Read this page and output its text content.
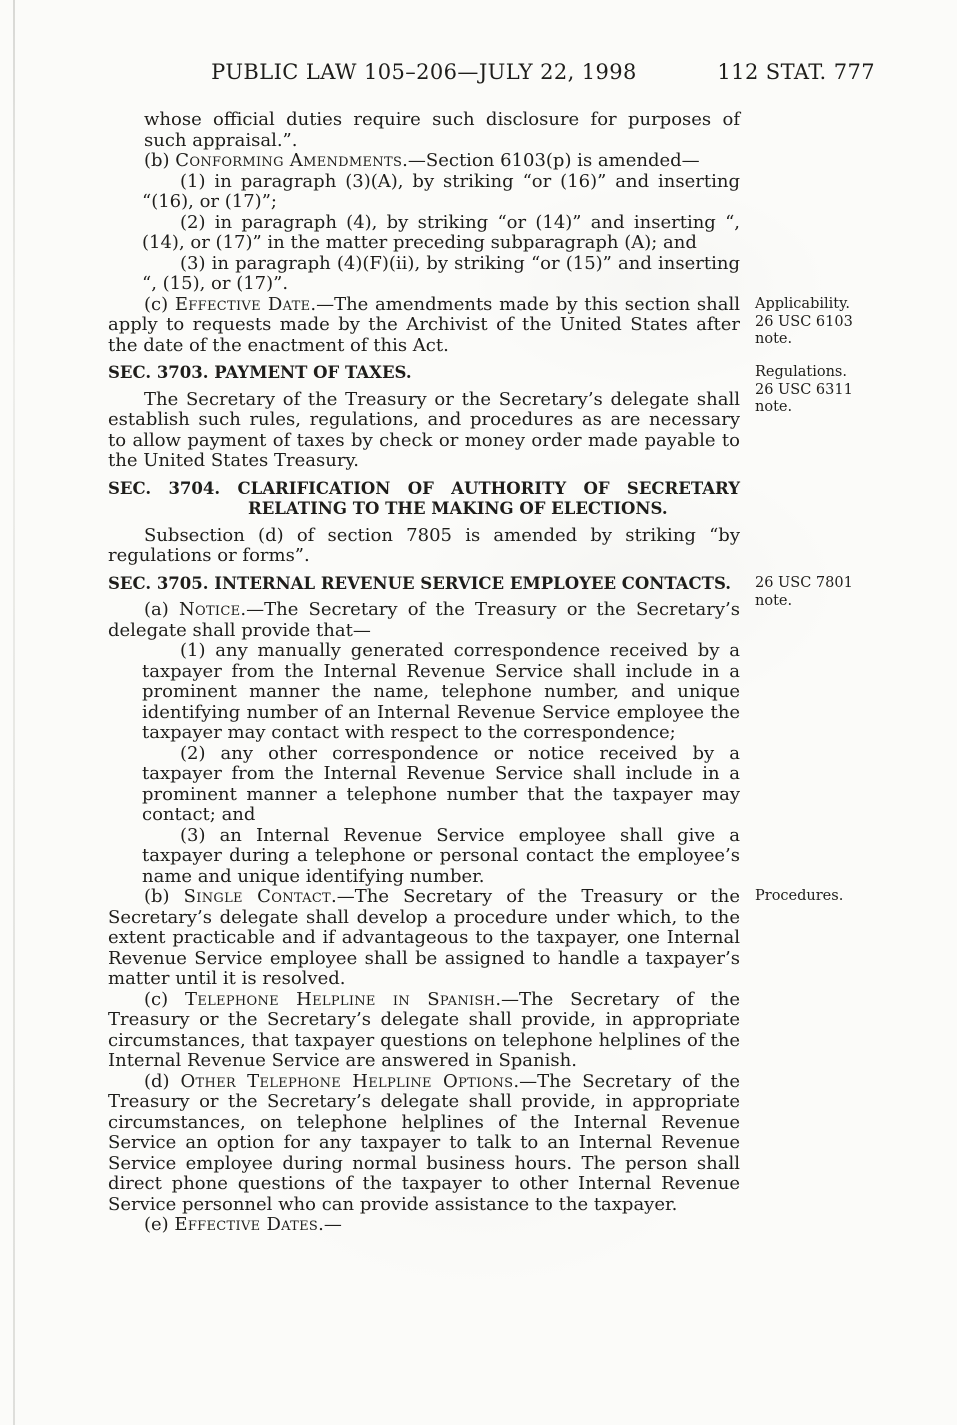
PUBLIC LAW 105–206—JULY 22, 1998	112 STAT. 777
whose official duties require such disclosure for purposes of such appraisal.”.
(b) Conforming Amendments.—Section 6103(p) is amended—
(1) in paragraph (3)(A), by striking “or (16)” and inserting “(16), or (17)”;
(2) in paragraph (4), by striking “or (14)” and inserting “, (14), or (17)” in the matter preceding subparagraph (A); and
(3) in paragraph (4)(F)(ii), by striking “or (15)” and inserting “, (15), or (17)”.
(c) Effective Date.—The amendments made by this section shall apply to requests made by the Archivist of the United States after the date of the enactment of this Act.
SEC. 3703. PAYMENT OF TAXES.
The Secretary of the Treasury or the Secretary’s delegate shall establish such rules, regulations, and procedures as are necessary to allow payment of taxes by check or money order made payable to the United States Treasury.
SEC. 3704. CLARIFICATION OF AUTHORITY OF SECRETARY RELATING TO THE MAKING OF ELECTIONS.
Subsection (d) of section 7805 is amended by striking “by regulations or forms”.
SEC. 3705. INTERNAL REVENUE SERVICE EMPLOYEE CONTACTS.
(a) Notice.—The Secretary of the Treasury or the Secretary’s delegate shall provide that—
(1) any manually generated correspondence received by a taxpayer from the Internal Revenue Service shall include in a prominent manner the name, telephone number, and unique identifying number of an Internal Revenue Service employee the taxpayer may contact with respect to the correspondence;
(2) any other correspondence or notice received by a taxpayer from the Internal Revenue Service shall include in a prominent manner a telephone number that the taxpayer may contact; and
(3) an Internal Revenue Service employee shall give a taxpayer during a telephone or personal contact the employee’s name and unique identifying number.
(b) Single Contact.—The Secretary of the Treasury or the Secretary’s delegate shall develop a procedure under which, to the extent practicable and if advantageous to the taxpayer, one Internal Revenue Service employee shall be assigned to handle a taxpayer’s matter until it is resolved.
(c) Telephone Helpline in Spanish.—The Secretary of the Treasury or the Secretary’s delegate shall provide, in appropriate circumstances, that taxpayer questions on telephone helplines of the Internal Revenue Service are answered in Spanish.
(d) Other Telephone Helpline Options.—The Secretary of the Treasury or the Secretary’s delegate shall provide, in appropriate circumstances, on telephone helplines of the Internal Revenue Service an option for any taxpayer to talk to an Internal Revenue Service employee during normal business hours. The person shall direct phone questions of the taxpayer to other Internal Revenue Service personnel who can provide assistance to the taxpayer.
(e) Effective Dates.—
Applicability.
26 USC 6103
note.
Regulations.
26 USC 6311
note.
26 USC 7801
note.
Procedures.
